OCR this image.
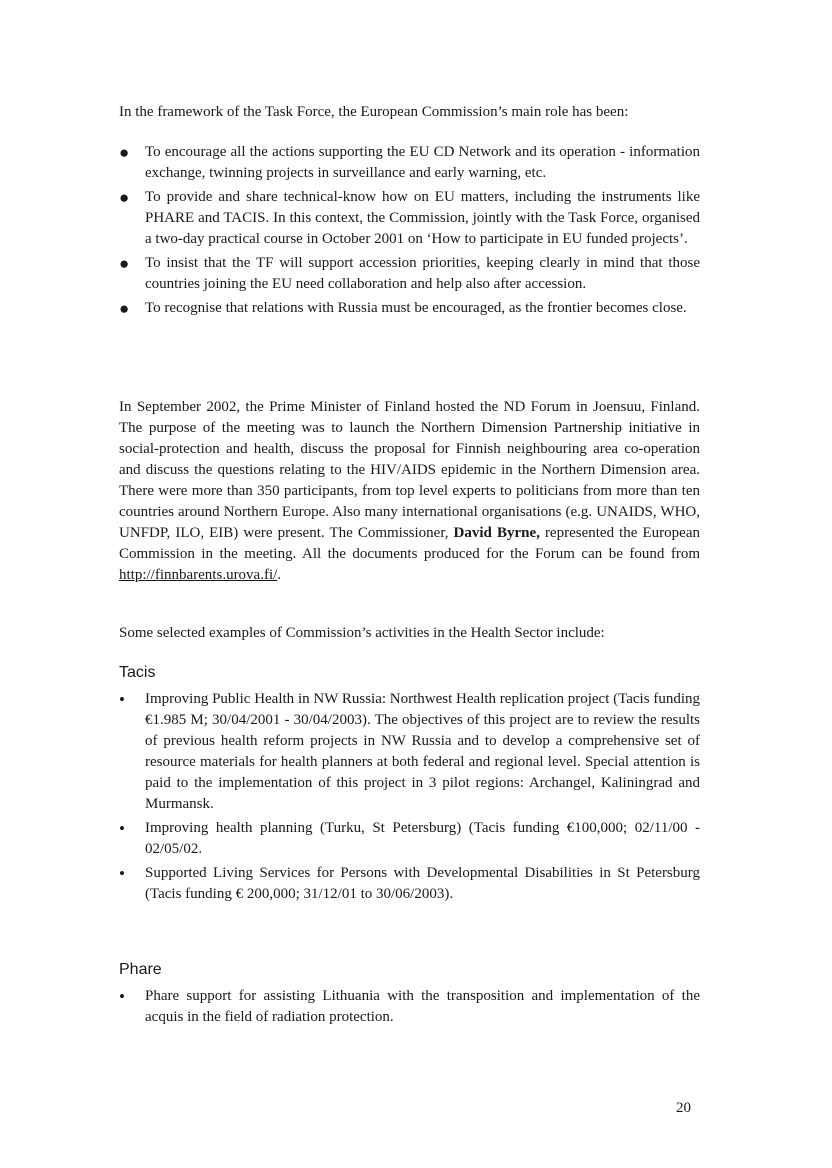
In the framework of the Task Force, the European Commission’s main role has been:

● To encourage all the actions supporting the EU CD Network and its operation - information exchange, twinning projects in surveillance and early warning, etc.
● To provide and share technical-know how on EU matters, including the instruments like PHARE and TACIS. In this context, the Commission, jointly with the Task Force, organised a two-day practical course in October 2001 on ‘How to participate in EU funded projects’.
● To insist that the TF will support accession priorities, keeping clearly in mind that those countries joining the EU need collaboration and help also after accession.
● To recognise that relations with Russia must be encouraged, as the frontier becomes close.

In September 2002, the Prime Minister of Finland hosted the ND Forum in Joensuu, Finland. The purpose of the meeting was to launch the Northern Dimension Partnership initiative in social-protection and health, discuss the proposal for Finnish neighbouring area co-operation and discuss the questions relating to the HIV/AIDS epidemic in the Northern Dimension area. There were more than 350 participants, from top level experts to politicians from more than ten countries around Northern Europe. Also many international organisations (e.g. UNAIDS, WHO, UNFDP, ILO, EIB) were present. The Commissioner, David Byrne, represented the European Commission in the meeting. All the documents produced for the Forum can be found from http://finnbarents.urova.fi/.

Some selected examples of Commission’s activities in the Health Sector include:

Tacis
• Improving Public Health in NW Russia: Northwest Health replication project (Tacis funding €1.985 M; 30/04/2001 - 30/04/2003). The objectives of this project are to review the results of previous health reform projects in NW Russia and to develop a comprehensive set of resource materials for health planners at both federal and regional level. Special attention is paid to the implementation of this project in 3 pilot regions: Archangel, Kaliningrad and Murmansk.
• Improving health planning (Turku, St Petersburg) (Tacis funding €100,000; 02/11/00 - 02/05/02.
• Supported Living Services for Persons with Developmental Disabilities in St Petersburg (Tacis funding € 200,000; 31/12/01 to 30/06/2003).
Phare
• Phare support for assisting Lithuania with the transposition and implementation of the acquis in the field of radiation protection.
20
